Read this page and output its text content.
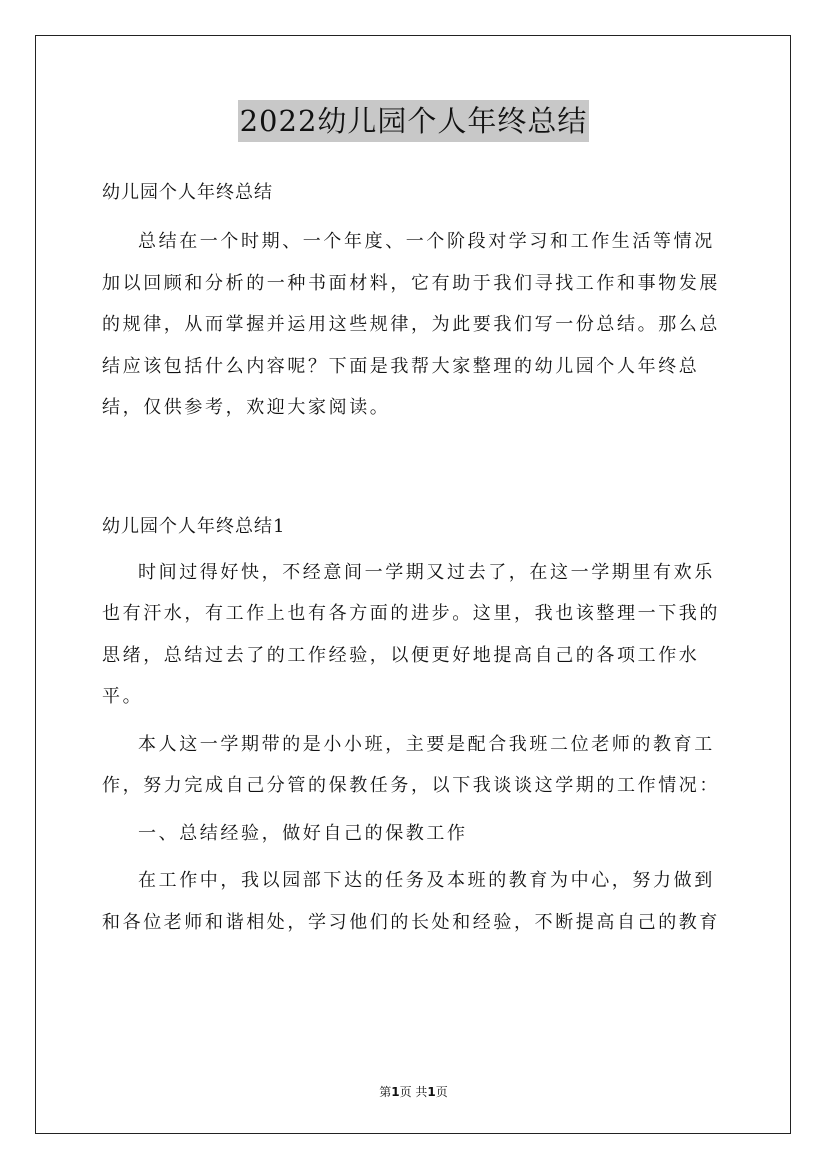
2022幼儿园个人年终总结

幼儿园个人年终总结

总结在一个时期、一个年度、一个阶段对学习和工作生活等情况加以回顾和分析的一种书面材料，它有助于我们寻找工作和事物发展的规律，从而掌握并运用这些规律，为此要我们写一份总结。那么总结应该包括什么内容呢？下面是我帮大家整理的幼儿园个人年终总结，仅供参考，欢迎大家阅读。

幼儿园个人年终总结1

时间过得好快，不经意间一学期又过去了，在这一学期里有欢乐也有汗水，有工作上也有各方面的进步。这里，我也该整理一下我的思绪，总结过去了的工作经验，以便更好地提高自己的各项工作水平。

本人这一学期带的是小小班，主要是配合我班二位老师的教育工作，努力完成自己分管的保教任务，以下我谈谈这学期的工作情况：

一、总结经验，做好自己的保教工作

在工作中，我以园部下达的任务及本班的教育为中心，努力做到和各位老师和谐相处，学习他们的长处和经验，不断提高自己的教育

第1页 共1页
